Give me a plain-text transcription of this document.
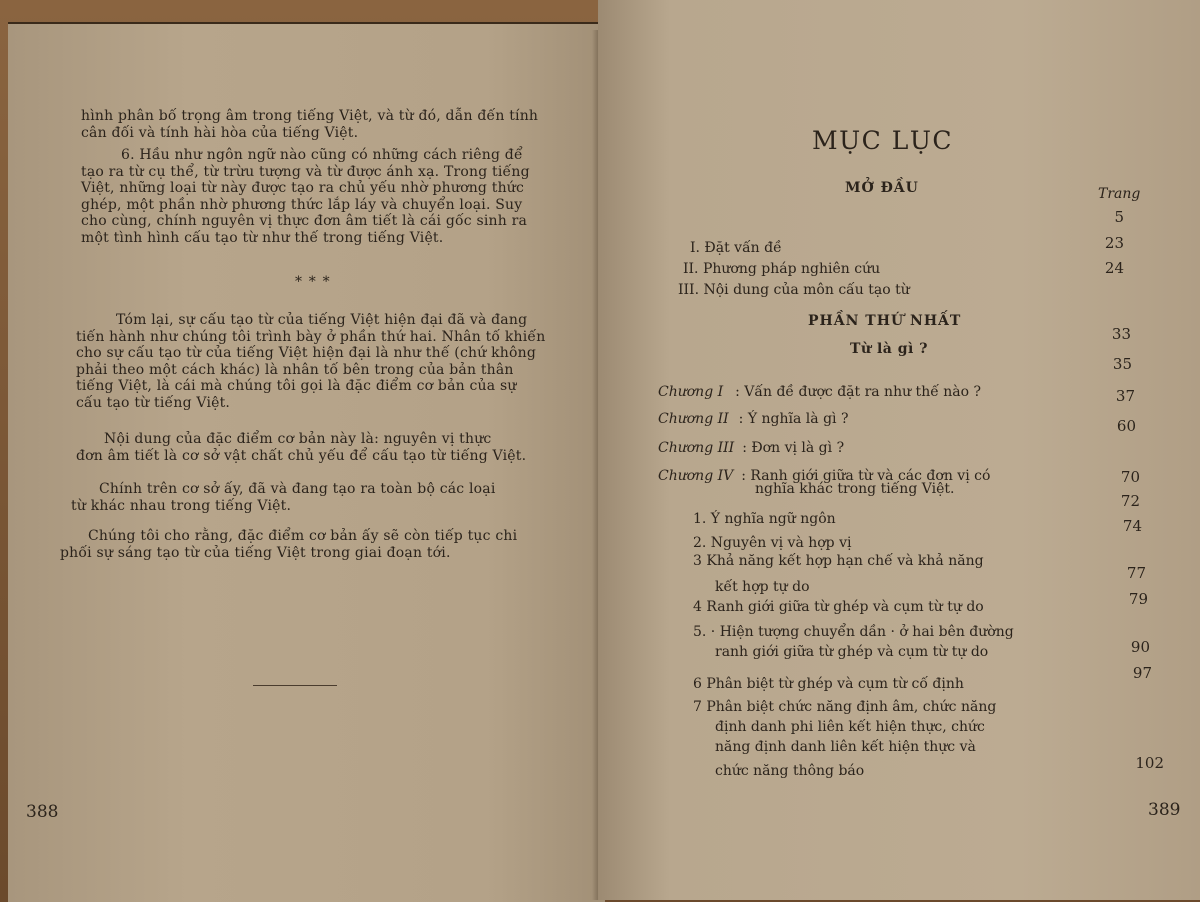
hình phân bố trọng âm trong tiếng Việt, và từ đó, dẫn đến tính
cân đối và tính hài hòa của tiếng Việt.

6. Hầu như ngôn ngữ nào cũng có những cách riêng để
tạo ra từ cụ thể, từ trừu tượng và từ được ánh xạ. Trong tiếng
Việt, những loại từ này được tạo ra chủ yếu nhờ phương thức
ghép, một phần nhờ phương thức lắp láy và chuyển loại. Suy
cho cùng, chính nguyên vị thực đơn âm tiết là cái gốc sinh ra
một tình hình cấu tạo từ như thế trong tiếng Việt.

* * *

Tóm lại, sự cấu tạo từ của tiếng Việt hiện đại đã và đang
tiến hành như chúng tôi trình bày ở phần thứ hai. Nhân tố khiến
cho sự cấu tạo từ của tiếng Việt hiện đại là như thế (chứ không
phải theo một cách khác) là nhân tố bên trong của bản thân
tiếng Việt, là cái mà chúng tôi gọi là đặc điểm cơ bản của sự
cấu tạo từ tiếng Việt.

Nội dung của đặc điểm cơ bản này là: nguyên vị thực
đơn âm tiết là cơ sở vật chất chủ yếu để cấu tạo từ tiếng Việt.

Chính trên cơ sở ấy, đã và đang tạo ra toàn bộ các loại
từ khác nhau trong tiếng Việt.

Chúng tôi cho rằng, đặc điểm cơ bản ấy sẽ còn tiếp tục chi
phối sự sáng tạo từ của tiếng Việt trong giai đoạn tới.

388
MỤC LỤC
MỞ ĐẦU	Trang
I. Đặt vấn đề
II. Phương pháp nghiên cứu
III. Nội dung của môn cấu tạo từ
PHẦN THỨ NHẤT
Từ là gì ?
Chương I : Vấn đề được đặt ra như thế nào ?
Chương II : Ý nghĩa là gì ?
Chương III : Đơn vị là gì ?
Chương IV : Ranh giới giữa từ và các đơn vị có
nghĩa khác trong tiếng Việt.
1. Ý nghĩa ngữ ngôn
2. Nguyên vị và hợp vị
3 Khả năng kết hợp hạn chế và khả năng
kết hợp tự do
4 Ranh giới giữa từ ghép và cụm từ tự do
5. · Hiện tượng chuyển dần · ở hai bên đường
ranh giới giữa từ ghép và cụm từ tự do
6 Phân biệt từ ghép và cụm từ cố định
7 Phân biệt chức năng định âm, chức năng
định danh phi liên kết hiện thực, chức
năng định danh liên kết hiện thực và
chức năng thông báo
5
23
24
33
35
37
60
70
72
74
77
79
90
97
102
389
